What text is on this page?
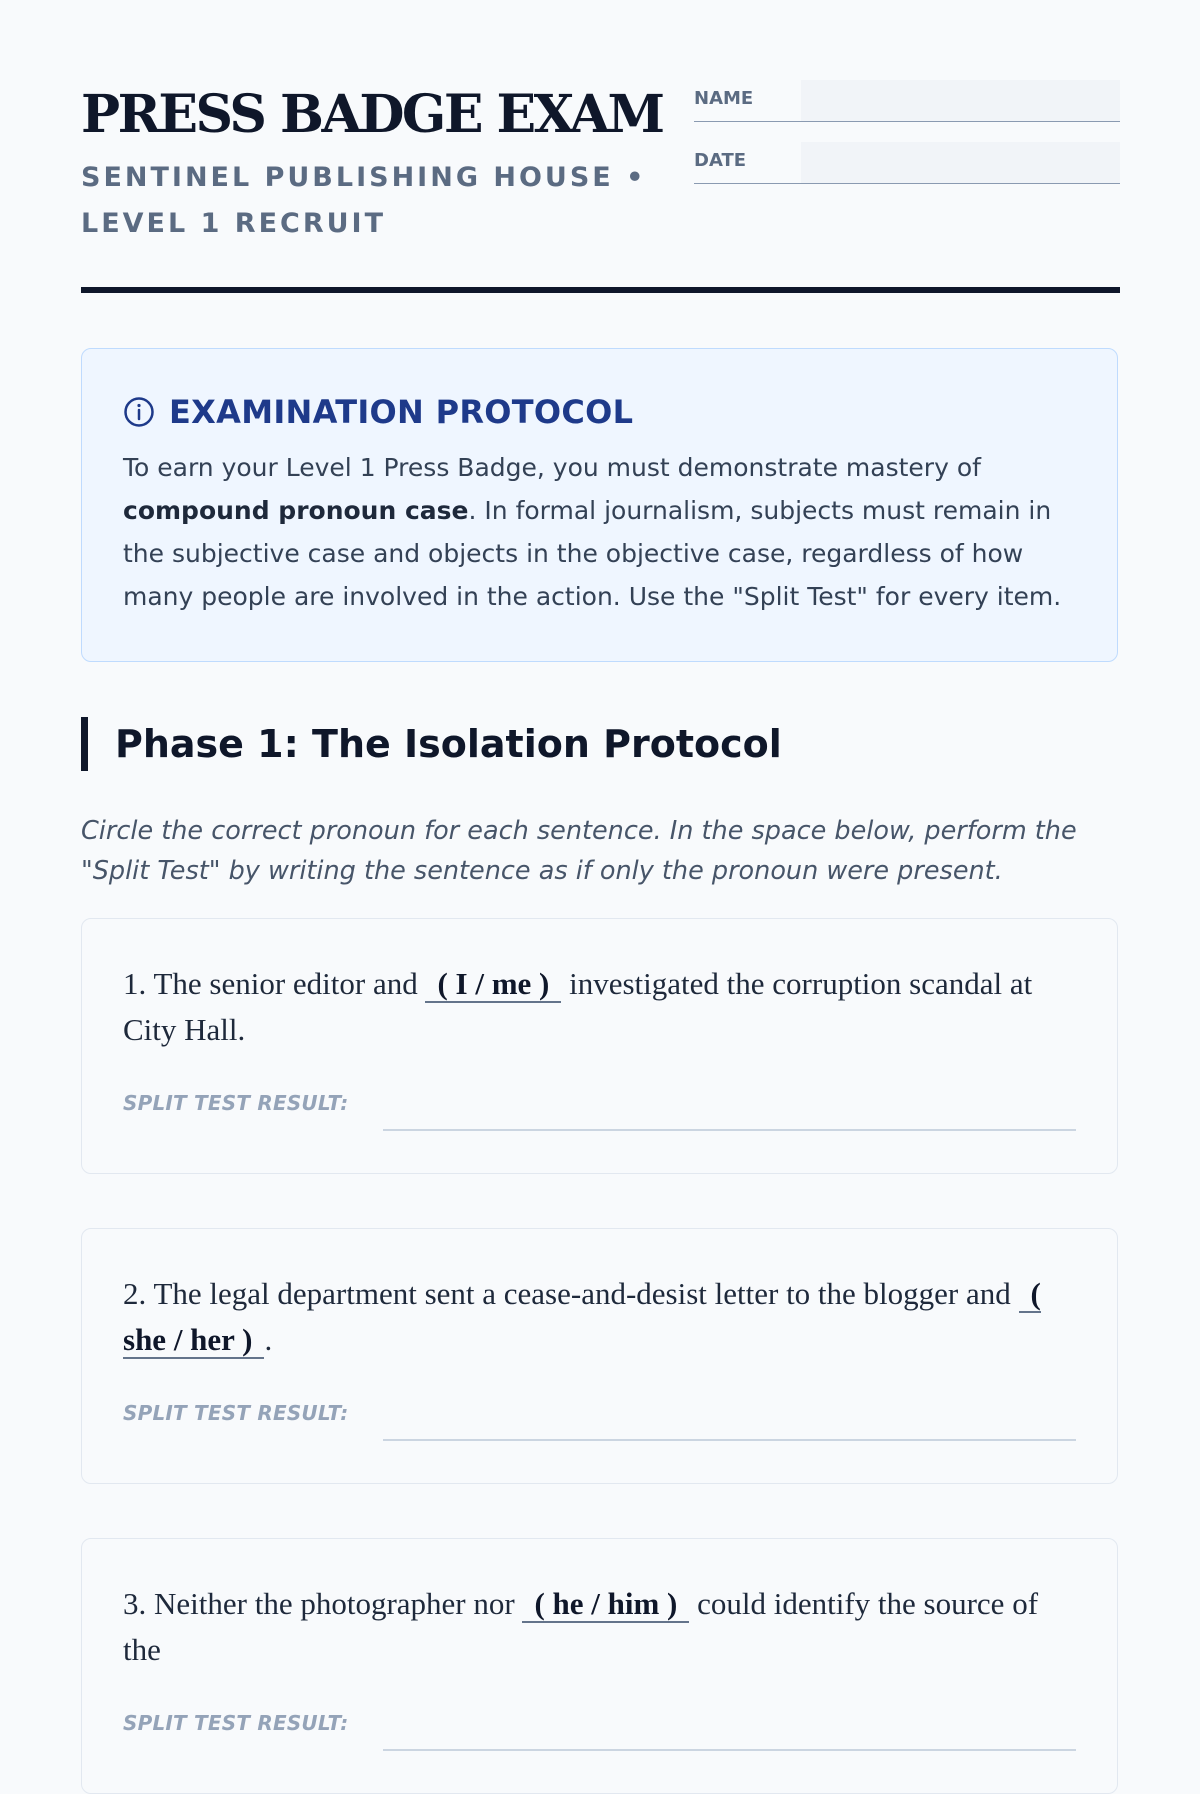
PRESS BADGE EXAM

SENTINEL PUBLISHING HOUSE • LEVEL 1 RECRUIT

NAME
DATE
EXAMINATION PROTOCOL

To earn your Level 1 Press Badge, you must demonstrate mastery of compound pronoun case. In formal journalism, subjects must remain in the subjective case and objects in the objective case, regardless of how many people are involved in the action. Use the "Split Test" for every item.

Phase 1: The Isolation Protocol

Circle the correct pronoun for each sentence. In the space below, perform the "Split Test" by writing the sentence as if only the pronoun were present.

1. The senior editor and ( I / me ) investigated the corruption scandal at City Hall.

SPLIT TEST RESULT:

2. The legal department sent a cease-and-desist letter to the blogger and ( she / her ) .

SPLIT TEST RESULT:

3. Neither the photographer nor ( he / him ) could identify the source of the

SPLIT TEST RESULT:
